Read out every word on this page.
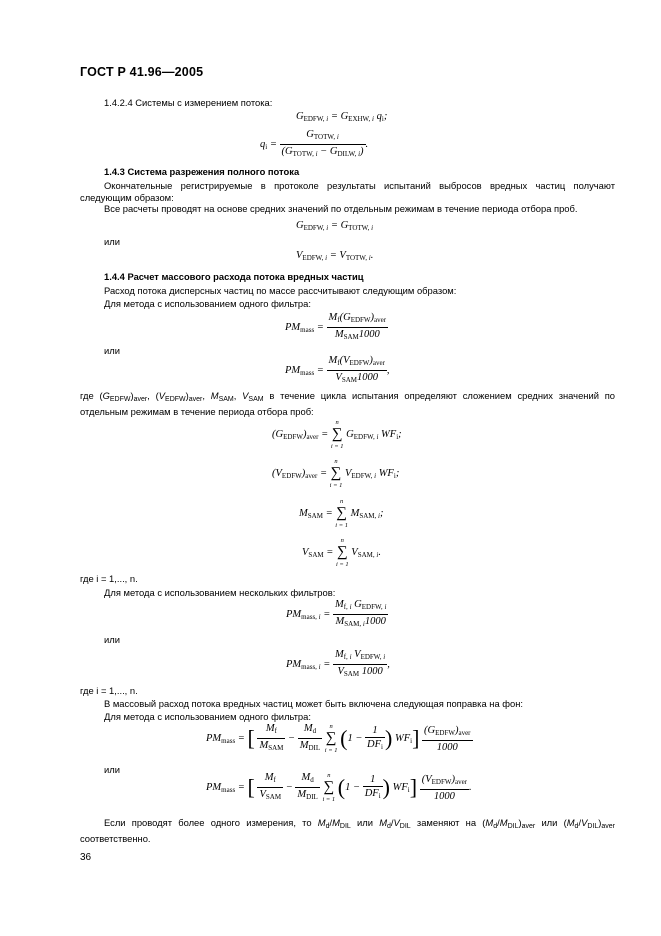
ГОСТ Р 41.96—2005
1.4.2.4 Системы с измерением потока:
$G_{EDFW, i} = G_{EXHW, i}$ $q_i$;
$q_i = \frac{G_{TOTW, i}}{(G_{TOTW, i} - G_{DILW, i})}$ .
1.4.3 Система разрежения полного потока
Окончательные регистрируемые в протоколе результаты испытаний выбросов вредных частиц получают следующим образом:
Все расчеты проводят на основе средних значений по отдельным режимам в течение периода отбора проб.
$G_{EDFW, i} = G_{TOTW, i}$
или
$V_{EDFW, i} = V_{TOTW, i}$.
1.4.4 Расчет массового расхода потока вредных частиц
Расход потока дисперсных частиц по массе рассчитывают следующим образом:
Для метода с использованием одного фильтра:
$PM_{mass} = \frac{M_f(G_{EDFW})_{aver}}{M_{SAM}1000}$
или
$PM_{mass} = \frac{M_f(V_{EDFW})_{aver}}{V_{SAM}1000}$ ,
где $(G_{EDFW})_{aver}$, $(V_{EDFW})_{aver}$, $M_{SAM}$, $V_{SAM}$ в течение цикла испытания определяют сложением средних значений по отдельным режимам в течение периода отбора проб:
$(G_{EDFW})_{aver}$ =
n
∑
i = 1
$G_{EDFW, i}$ $WF_i$;
$(V_{EDFW})_{aver}$ =
n
∑
i = 1
$V_{EDFW, i}$ $WF_i$;
$M_{SAM}$ =
n
∑
i = 1
$M_{SAM, i}$;
$V_{SAM}$ =
n
∑
i = 1
$V_{SAM, i}$.
где i = 1,..., n.
Для метода с использованием нескольких фильтров:
$PM_{mass, i} = \frac{M_{f, i} G_{EDFW, i}}{M_{SAM, i}1000}$
или
$PM_{mass, i} = \frac{M_{f, i} V_{EDFW, i}}{V_{SAM} 1000}$ ,
где i = 1,..., n.
В массовый расход потока вредных частиц может быть включена следующая поправка на фон:
Для метода с использованием одного фильтра:
$PM_{mass}$ = [ $\frac{M_f}{M_{SAM}} - \frac{M_d}{M_{DIL}}$
	n
∑
i = 1 ($1 - \frac{1}{DF_i}$ ) $WF_i] \frac{(G_{EDFW})_{aver}}{1000}$
или
$PM_{mass}$ = [ $\frac{M_f}{V_{SAM}} - \frac{M_d}{M_{DIL}}$
	n
∑
i = 1 ($1 - \frac{1}{DF_i}$ ) $WF_i] \frac{(V_{EDFW})_{aver}}{1000}$ .
Если проводят более одного измерения, то $M_d/M_{DIL}$ или $M_d/V_{DIL}$ заменяют на $(M_d/M_{DIL})_{aver}$ или $(M_d/V_{DIL})_{aver}$ соответственно.
36
